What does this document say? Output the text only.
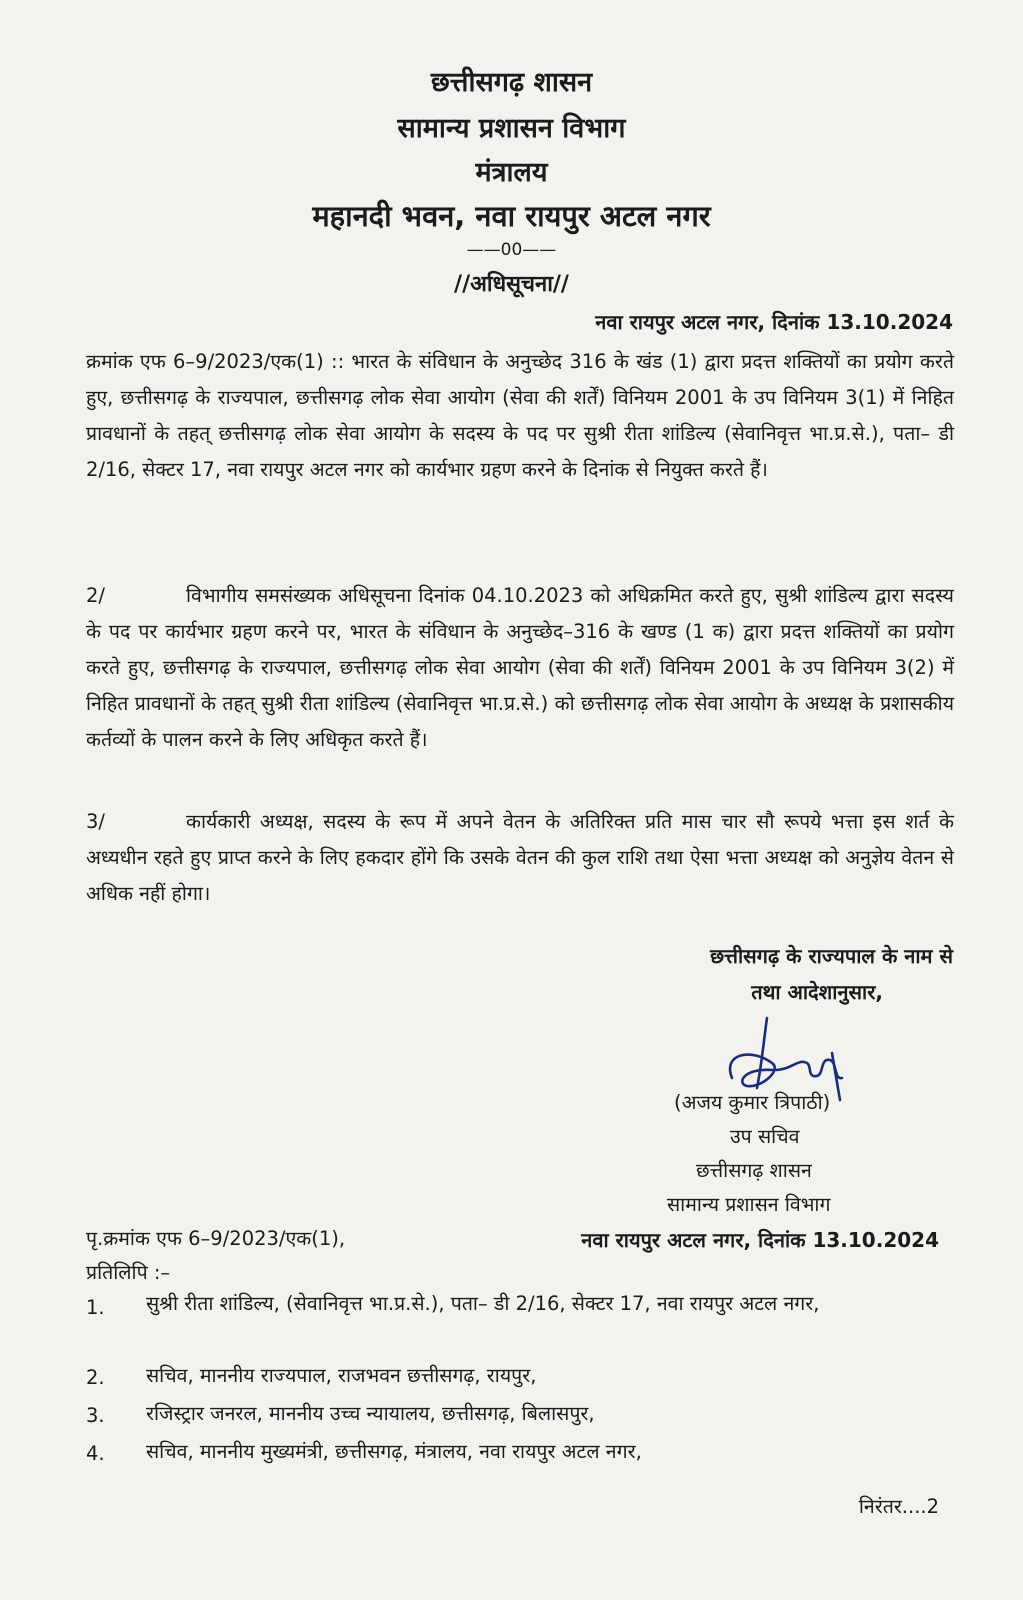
छत्तीसगढ़ शासन
सामान्य प्रशासन विभाग
मंत्रालय
महानदी भवन, नवा रायपुर अटल नगर
——00——
//अधिसूचना//
नवा रायपुर अटल नगर, दिनांक 13.10.2024
क्रमांक एफ 6–9/2023/एक(1) :: भारत के संविधान के अनुच्छेद 316 के खंड (1) द्वारा प्रदत्त शक्तियों का प्रयोग करते हुए, छत्तीसगढ़ के राज्यपाल, छत्तीसगढ़ लोक सेवा आयोग (सेवा की शर्तें) विनियम 2001 के उप विनियम 3(1) में निहित प्रावधानों के तहत् छत्तीसगढ़ लोक सेवा आयोग के सदस्य के पद पर सुश्री रीता शांडिल्य (सेवानिवृत्त भा.प्र.से.), पता– डी 2/16, सेक्टर 17, नवा रायपुर अटल नगर को कार्यभार ग्रहण करने के दिनांक से नियुक्त करते हैं।
2/	विभागीय समसंख्यक अधिसूचना दिनांक 04.10.2023 को अधिक्रमित करते हुए, सुश्री शांडिल्य द्वारा सदस्य के पद पर कार्यभार ग्रहण करने पर, भारत के संविधान के अनुच्छेद–316 के खण्ड (1 क) द्वारा प्रदत्त शक्तियों का प्रयोग करते हुए, छत्तीसगढ़ के राज्यपाल, छत्तीसगढ़ लोक सेवा आयोग (सेवा की शर्तें) विनियम 2001 के उप विनियम 3(2) में निहित प्रावधानों के तहत् सुश्री रीता शांडिल्य (सेवानिवृत्त भा.प्र.से.) को छत्तीसगढ़ लोक सेवा आयोग के अध्यक्ष के प्रशासकीय कर्तव्यों के पालन करने के लिए अधिकृत करते हैं।
3/	कार्यकारी अध्यक्ष, सदस्य के रूप में अपने वेतन के अतिरिक्त प्रति मास चार सौ रूपये भत्ता इस शर्त के अध्यधीन रहते हुए प्राप्त करने के लिए हकदार होंगे कि उसके वेतन की कुल राशि तथा ऐसा भत्ता अध्यक्ष को अनुज्ञेय वेतन से अधिक नहीं होगा।
छत्तीसगढ़ के राज्यपाल के नाम से
तथा आदेशानुसार,
(अजय कुमार त्रिपाठी)
उप सचिव
छत्तीसगढ़ शासन
सामान्य प्रशासन विभाग
पृ.क्रमांक एफ 6–9/2023/एक(1),	नवा रायपुर अटल नगर, दिनांक 13.10.2024
प्रतिलिपि :–
1. सुश्री रीता शांडिल्य, (सेवानिवृत्त भा.प्र.से.), पता– डी 2/16, सेक्टर 17, नवा रायपुर अटल नगर,
2. सचिव, माननीय राज्यपाल, राजभवन छत्तीसगढ़, रायपुर,
3. रजिस्ट्रार जनरल, माननीय उच्च न्यायालय, छत्तीसगढ़, बिलासपुर,
4. सचिव, माननीय मुख्यमंत्री, छत्तीसगढ़, मंत्रालय, नवा रायपुर अटल नगर,
निरंतर....2
